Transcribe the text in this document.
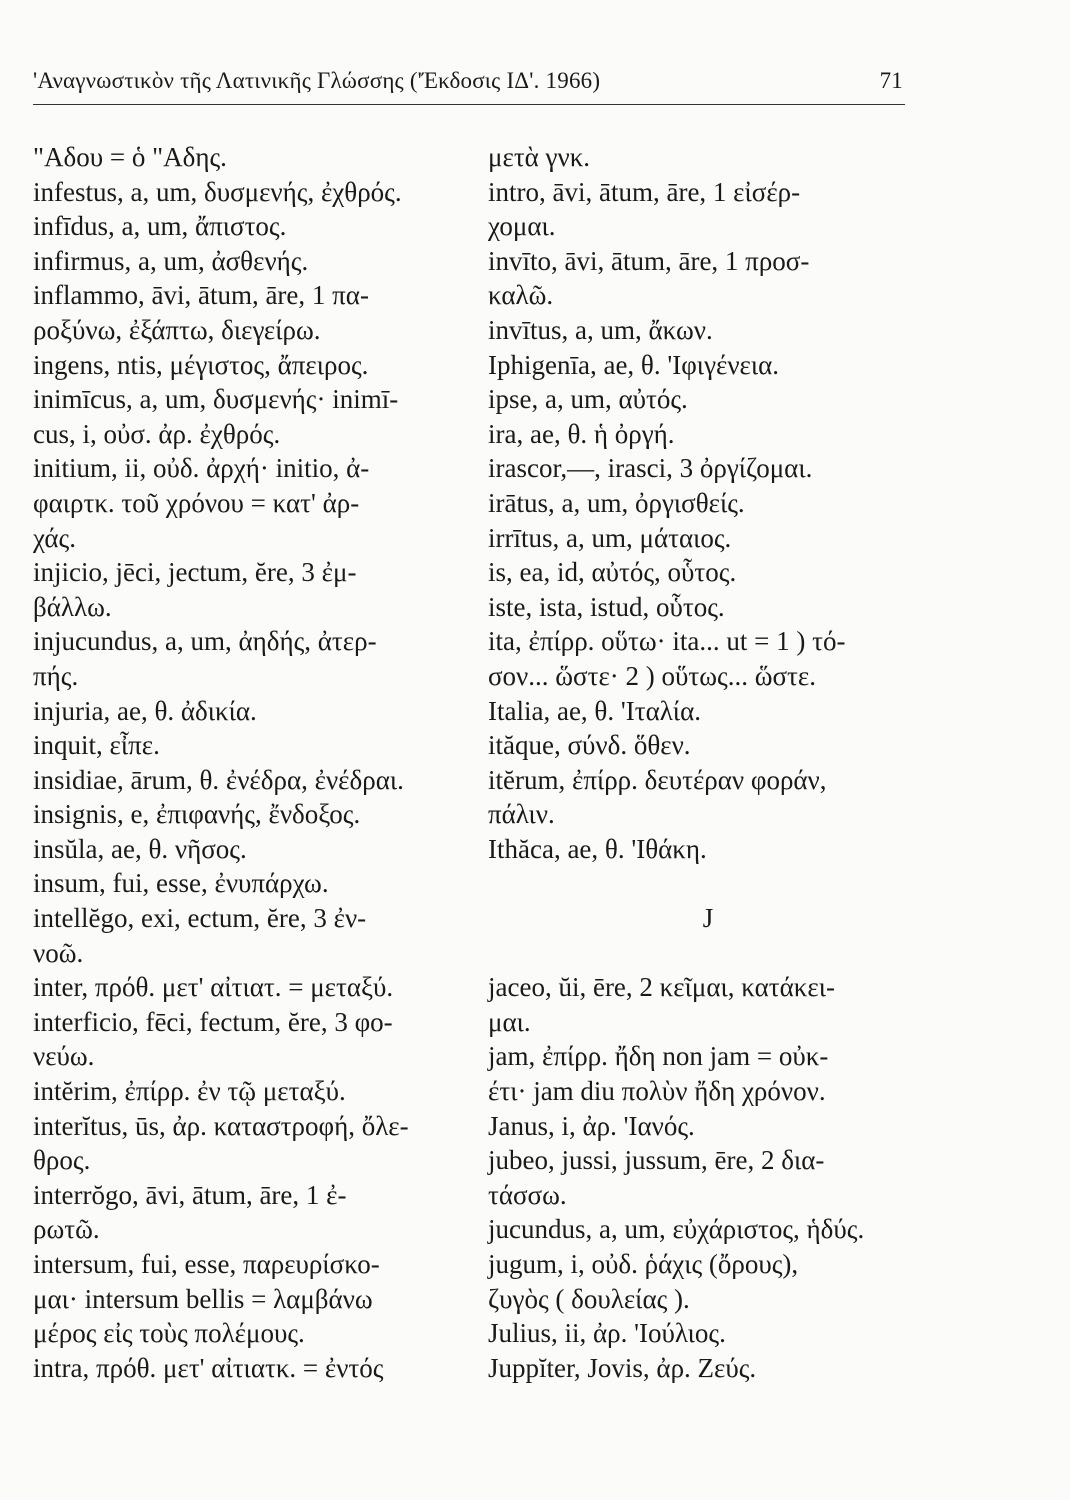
'Αναγνωστικὸν τῆς Λατινικῆς Γλώσσης ('Έκδοσις ΙΔ'. 1966)	71
"Αδου = ὁ "Αδης.
infestus, a, um, δυσμενής, ἐχθρός.
infīdus, a, um, ἄπιστος.
infirmus, a, um, ἀσθενής.
inflammo, āvi, ātum, āre, 1 πα-
ροξύνω, ἐξάπτω, διεγείρω.
ingens, ntis, μέγιστος, ἄπειρος.
inimīcus, a, um, δυσμενής· inimī-
cus, i, οὐσ. ἀρ. ἐχθρός.
initium, ii, οὐδ. ἀρχή· initio, ἀ-
φαιρτκ. τοῦ χρόνου = κατ' ἀρ-
χάς.
injicio, jēci, jectum, ĕre, 3 ἐμ-
βάλλω.
injucundus, a, um, ἀηδής, ἀτερ-
πής.
injuria, ae, θ. ἀδικία.
inquit, εἶπε.
insidiae, ārum, θ. ἐνέδρα, ἐνέδραι.
insignis, e, ἐπιφανής, ἔνδοξος.
insŭla, ae, θ. νῆσος.
insum, fui, esse, ἐνυπάρχω.
intellĕgo, exi, ectum, ĕre, 3 ἐν-
νοῶ.
inter, πρόθ. μετ' αἰτιατ. = μεταξύ.
interficio, fēci, fectum, ĕre, 3 φο-
νεύω.
intĕrim, ἐπίρρ. ἐν τῷ μεταξύ.
interĭtus, ūs, ἀρ. καταστροφή, ὄλε-
θρος.
interrŏgo, āvi, ātum, āre, 1 ἐ-
ρωτῶ.
intersum, fui, esse, παρευρίσκο-
μαι· intersum bellis = λαμβάνω
μέρος εἰς τοὺς πολέμους.
intra, πρόθ. μετ' αἰτιατκ. = ἐντός
μετὰ γνκ.
intro, āvi, ātum, āre, 1 εἰσέρ-
χομαι.
invīto, āvi, ātum, āre, 1 προσ-
καλῶ.
invītus, a, um, ἄκων.
Iphigenīa, ae, θ. 'Ιφιγένεια.
ipse, a, um, αὐτός.
ira, ae, θ. ἡ ὀργή.
irascor,—, irasci, 3 ὀργίζομαι.
irātus, a, um, ὀργισθείς.
irrītus, a, um, μάταιος.
is, ea, id, αὐτός, οὗτος.
iste, ista, istud, οὗτος.
ita, ἐπίρρ. οὕτω· ita... ut = 1 ) τό-
σον... ὥστε· 2 ) οὕτως... ὥστε.
Italia, ae, θ. 'Ιταλία.
ităque, σύνδ. ὅθεν.
itĕrum, ἐπίρρ. δευτέραν φοράν,
πάλιν.
Ithăca, ae, θ. 'Ιθάκη.
J
jaceo, ŭi, ēre, 2 κεῖμαι, κατάκει-
μαι.
jam, ἐπίρρ. ἤδη non jam = οὐκ-
έτι· jam diu πολὺν ἤδη χρόνον.
Janus, i, ἀρ. 'Ιανός.
jubeo, jussi, jussum, ēre, 2 δια-
τάσσω.
jucundus, a, um, εὐχάριστος, ἡδύς.
jugum, i, οὐδ. ῥάχις (ὄρους),
ζυγὸς ( δουλείας ).
Julius, ii, ἀρ. 'Ιούλιος.
Juppĭter, Jovis, ἀρ. Ζεύς.
